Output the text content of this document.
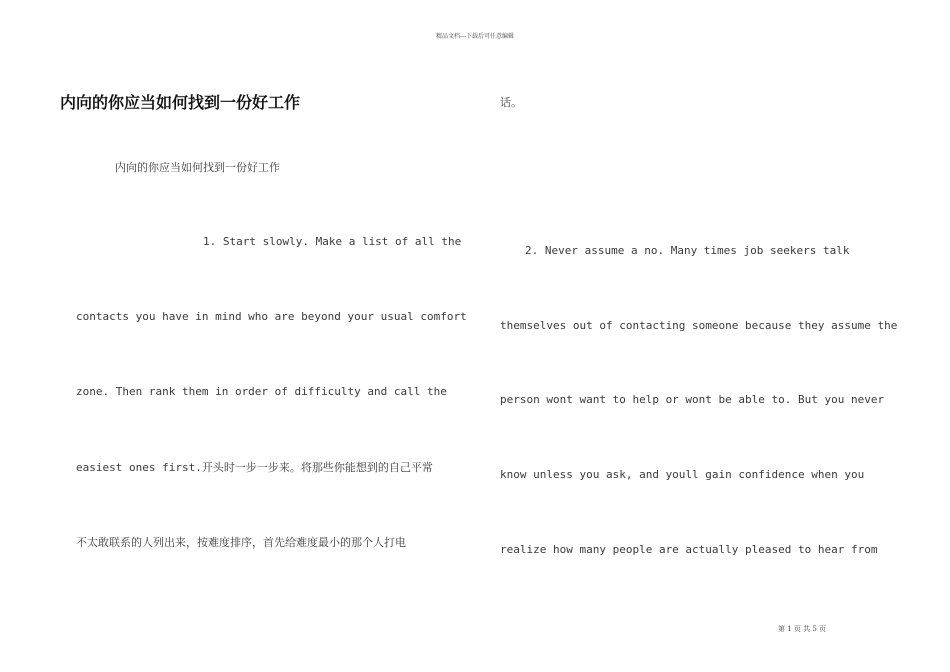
精品文档---下载后可任意编辑
内向的你应当如何找到一份好工作
内向的你应当如何找到一份好工作
1. Start slowly. Make a list of all the
contacts you have in mind who are beyond your usual comfort
zone. Then rank them in order of difficulty and call the
easiest ones first.开头时一步一步来。将那些你能想到的自己平常
不太敢联系的人列出来，按难度排序，首先给难度最小的那个人打电
话。
2. Never assume a no. Many times job seekers talk
themselves out of contacting someone because they assume the
person wont want to help or wont be able to. But you never
know unless you ask, and youll gain confidence when you
realize how many people are actually pleased to hear from
第 1 页 共 5 页
